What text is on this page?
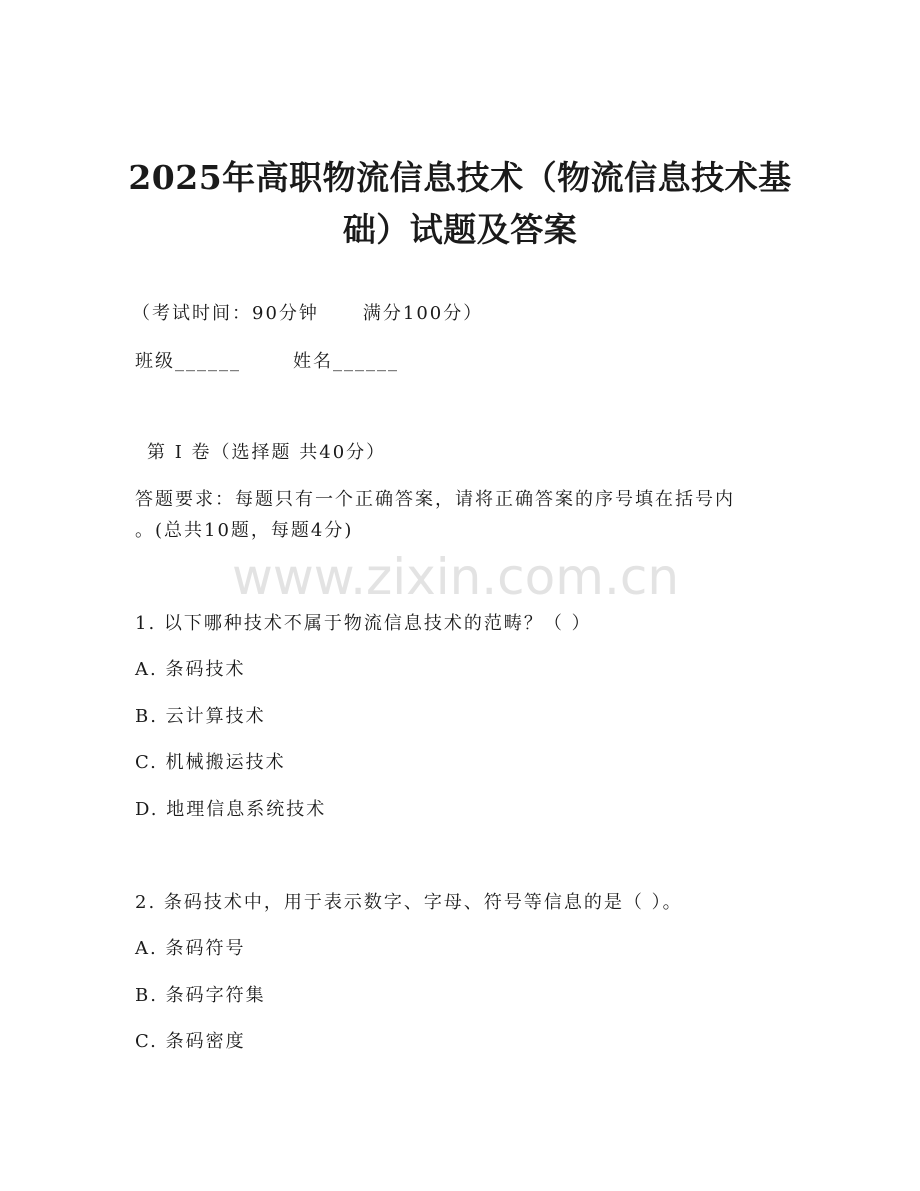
www.zixin.com.cn
2025年高职物流信息技术（物流信息技术基
础）试题及答案
（考试时间：90分钟 满分100分）
班级______	姓名______
第 I 卷（选择题 共40分）
答题要求：每题只有一个正确答案，请将正确答案的序号填在括号内
。(总共10题，每题4分)
1. 以下哪种技术不属于物流信息技术的范畴？（ ）
A. 条码技术
B. 云计算技术
C. 机械搬运技术
D. 地理信息系统技术
2. 条码技术中，用于表示数字、字母、符号等信息的是（ ）。
A. 条码符号
B. 条码字符集
C. 条码密度
